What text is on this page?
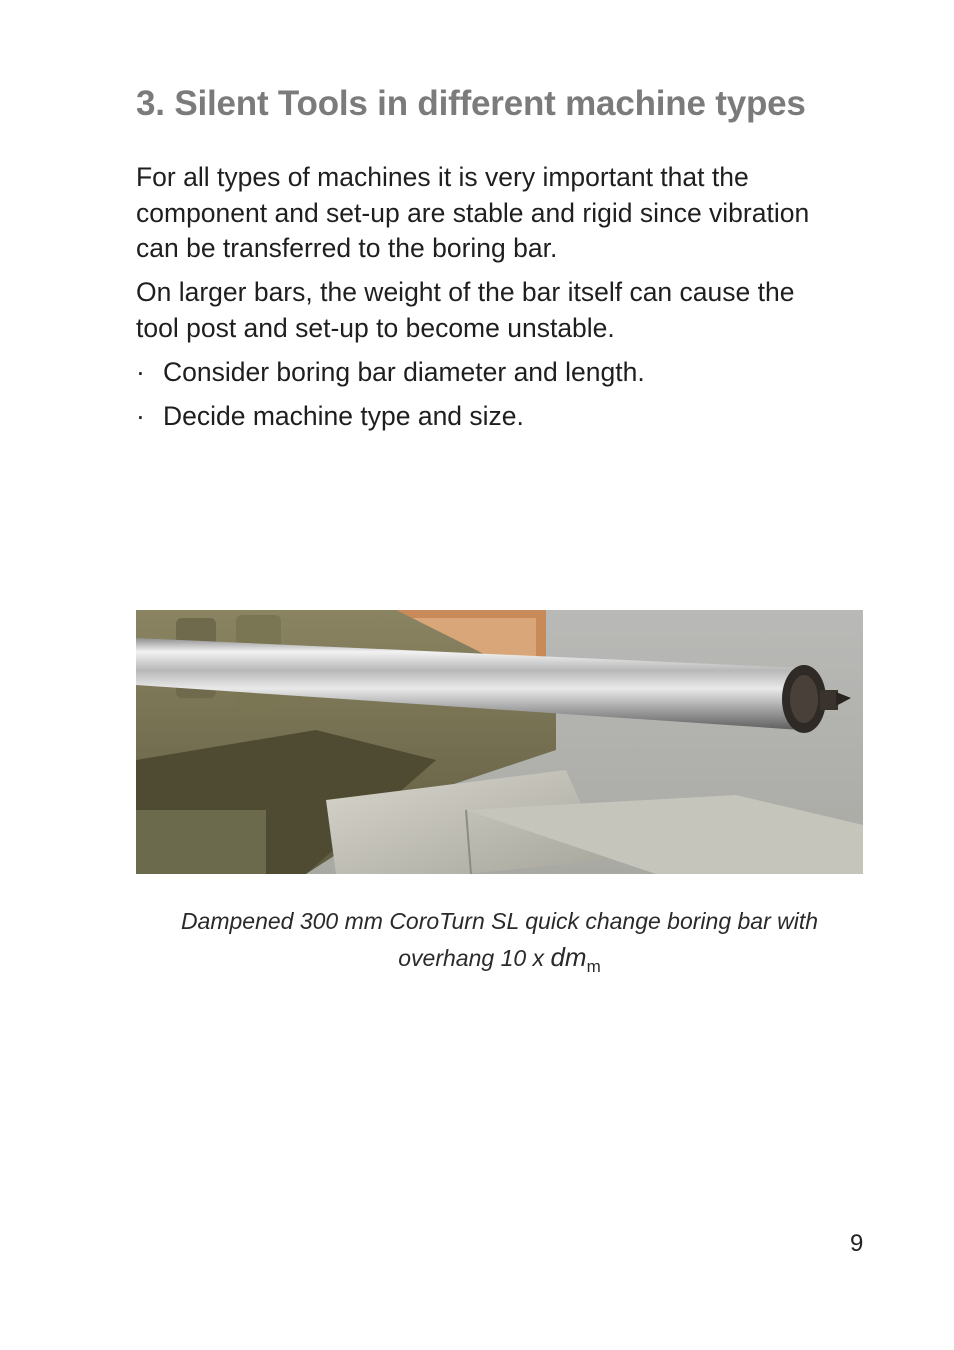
3. Silent Tools in different machine types

For all types of machines it is very important that the component and set-up are stable and rigid since vibration can be transferred to the boring bar.

On larger bars, the weight of the bar itself can cause the tool post and set-up to become unstable.

· Consider boring bar diameter and length.
· Decide machine type and size.

Dampened 300 mm CoroTurn SL quick change boring bar with overhang 10 x $dm_m$

9
